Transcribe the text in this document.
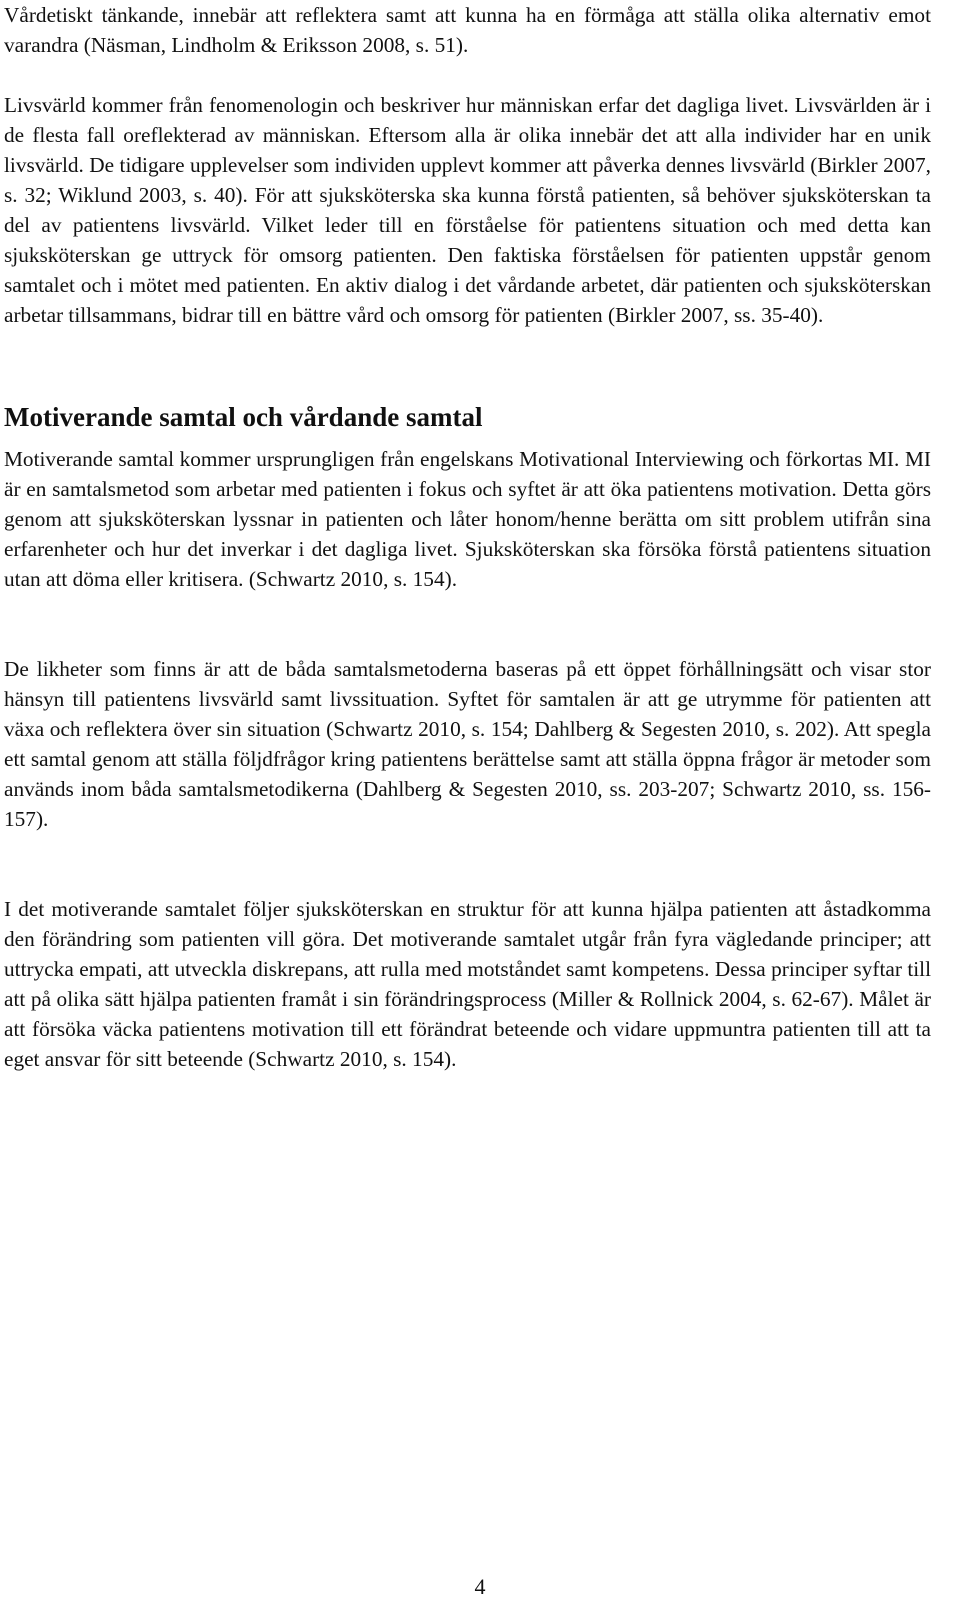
Vårdetiskt tänkande, innebär att reflektera samt att kunna ha en förmåga att ställa olika alternativ emot varandra (Näsman, Lindholm & Eriksson 2008, s. 51).

Livsvärld kommer från fenomenologin och beskriver hur människan erfar det dagliga livet. Livsvärlden är i de flesta fall oreflekterad av människan. Eftersom alla är olika innebär det att alla individer har en unik livsvärld. De tidigare upplevelser som individen upplevt kommer att påverka dennes livsvärld (Birkler 2007, s. 32; Wiklund 2003, s. 40). För att sjuksköterska ska kunna förstå patienten, så behöver sjuksköterskan ta del av patientens livsvärld. Vilket leder till en förståelse för patientens situation och med detta kan sjuksköterskan ge uttryck för omsorg patienten. Den faktiska förståelsen för patienten uppstår genom samtalet och i mötet med patienten. En aktiv dialog i det vårdande arbetet, där patienten och sjuksköterskan arbetar tillsammans, bidrar till en bättre vård och omsorg för patienten (Birkler 2007, ss. 35-40).

Motiverande samtal och vårdande samtal

Motiverande samtal kommer ursprungligen från engelskans Motivational Interviewing och förkortas MI. MI är en samtalsmetod som arbetar med patienten i fokus och syftet är att öka patientens motivation. Detta görs genom att sjuksköterskan lyssnar in patienten och låter honom/henne berätta om sitt problem utifrån sina erfarenheter och hur det inverkar i det dagliga livet. Sjuksköterskan ska försöka förstå patientens situation utan att döma eller kritisera. (Schwartz 2010, s. 154).

De likheter som finns är att de båda samtalsmetoderna baseras på ett öppet förhållningsätt och visar stor hänsyn till patientens livsvärld samt livssituation. Syftet för samtalen är att ge utrymme för patienten att växa och reflektera över sin situation (Schwartz 2010, s. 154; Dahlberg & Segesten 2010, s. 202). Att spegla ett samtal genom att ställa följdfrågor kring patientens berättelse samt att ställa öppna frågor är metoder som används inom båda samtalsmetodikerna (Dahlberg & Segesten 2010, ss. 203-207; Schwartz 2010, ss. 156-157).

I det motiverande samtalet följer sjuksköterskan en struktur för att kunna hjälpa patienten att åstadkomma den förändring som patienten vill göra. Det motiverande samtalet utgår från fyra vägledande principer; att uttrycka empati, att utveckla diskrepans, att rulla med motståndet samt kompetens. Dessa principer syftar till att på olika sätt hjälpa patienten framåt i sin förändringsprocess (Miller & Rollnick 2004, s. 62-67). Målet är att försöka väcka patientens motivation till ett förändrat beteende och vidare uppmuntra patienten till att ta eget ansvar för sitt beteende (Schwartz 2010, s. 154).

4
